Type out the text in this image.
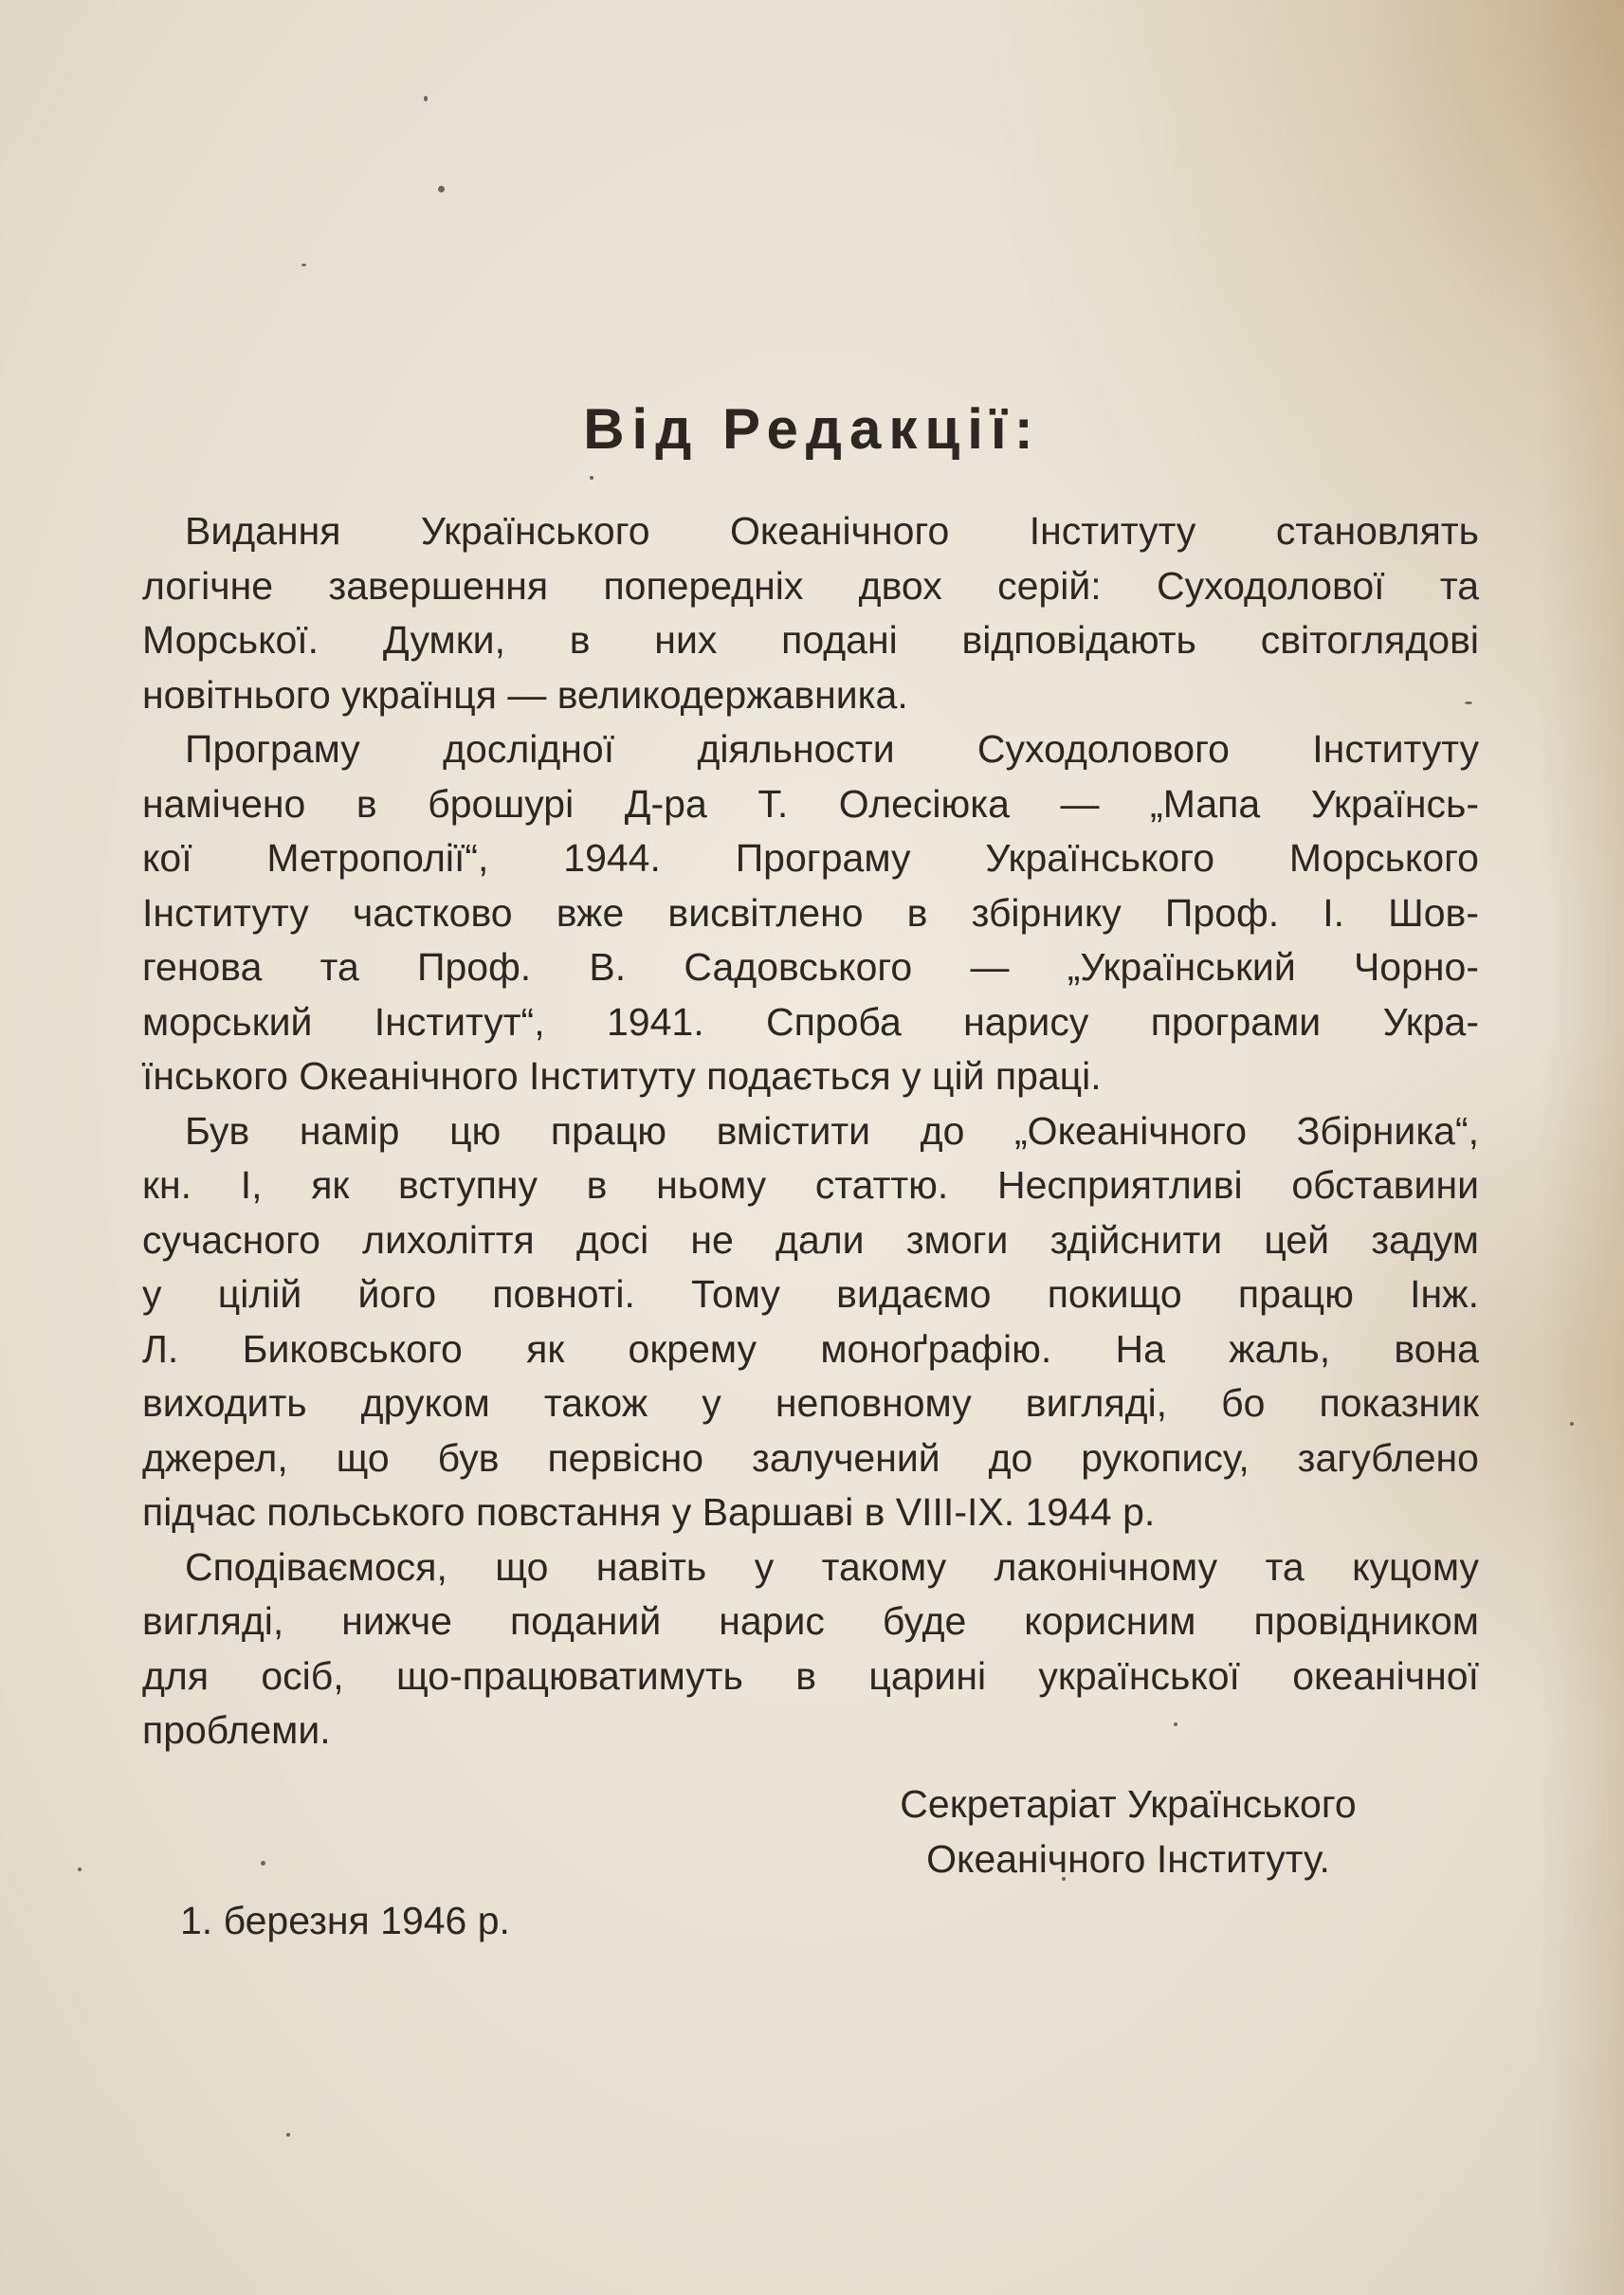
Від Редакції:
Видання Українського Океанічного Інституту становлять
логічне завершення попередніх двох серій: Суходолової та
Морської. Думки, в них подані відповідають світоглядові
новітнього українця — великодержавника.
Програму дослідної діяльности Суходолового Інституту
намічено в брошурі Д-ра Т. Олесіюка — „Мапа Українсь-
кої Метрополії“, 1944. Програму Українського Морського
Інституту частково вже висвітлено в збірнику Проф. І. Шов-
генова та Проф. В. Садовського — „Український Чорно-
морський Інститут“, 1941. Спроба нарису програми Укра-
їнського Океанічного Інституту подається у цій праці.
Був намір цю працю вмістити до „Океанічного Збірника“,
кн. І, як вступну в ньому статтю. Несприятливі обставини
сучасного лихоліття досі не дали змоги здійснити цей задум
у цілій його повноті. Тому видаємо покищо працю Інж.
Л. Биковського як окрему моноґрафію. На жаль, вона
виходить друком також у неповному вигляді, бо показник
джерел, що був первісно залучений до рукопису, загублено
підчас польського повстання у Варшаві в VIII-IX. 1944 р.
Сподіваємося, що навіть у такому лаконічному та куцому
вигляді, нижче поданий нарис буде корисним провідником
для осіб, що-працюватимуть в царині української океанічної
проблеми.
Секретаріат Українського
Океанічного Інституту.
1. березня 1946 р.
